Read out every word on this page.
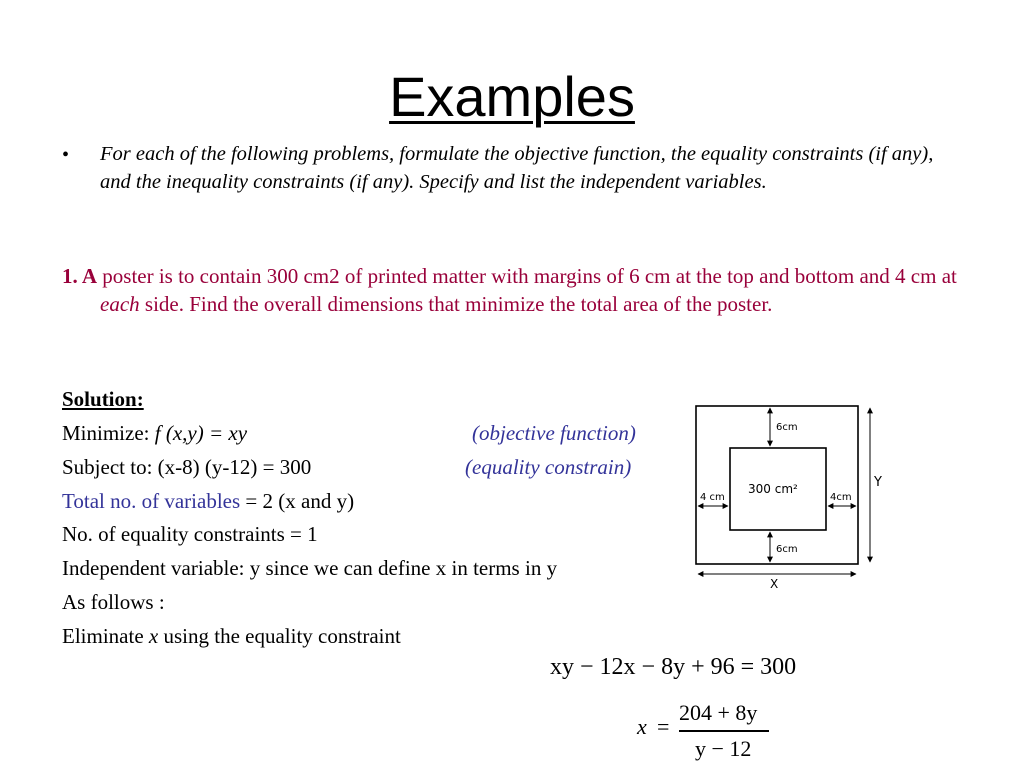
Examples
• For each of the following problems, formulate the objective function, the equality constraints (if any), and the inequality constraints (if any). Specify and list the independent variables.
1. A poster is to contain 300 cm2 of printed matter with margins of 6 cm at the top and bottom and 4 cm at each side. Find the overall dimensions that minimize the total area of the poster.
Solution:
Minimize: f (x,y) = xy	(objective function)
Subject to: (x-8) (y-12) = 300	(equality constrain)
Total no. of variables = 2 (x and y)
No. of equality constraints = 1
Independent variable: y since we can define x in terms in y
As follows :
Eliminate x using the equality constraint
xy − 12x − 8y + 96 = 300
x =
204 + 8y
y − 12
6cm
6cm
4 cm	4cm
300 cm²
X
Y
